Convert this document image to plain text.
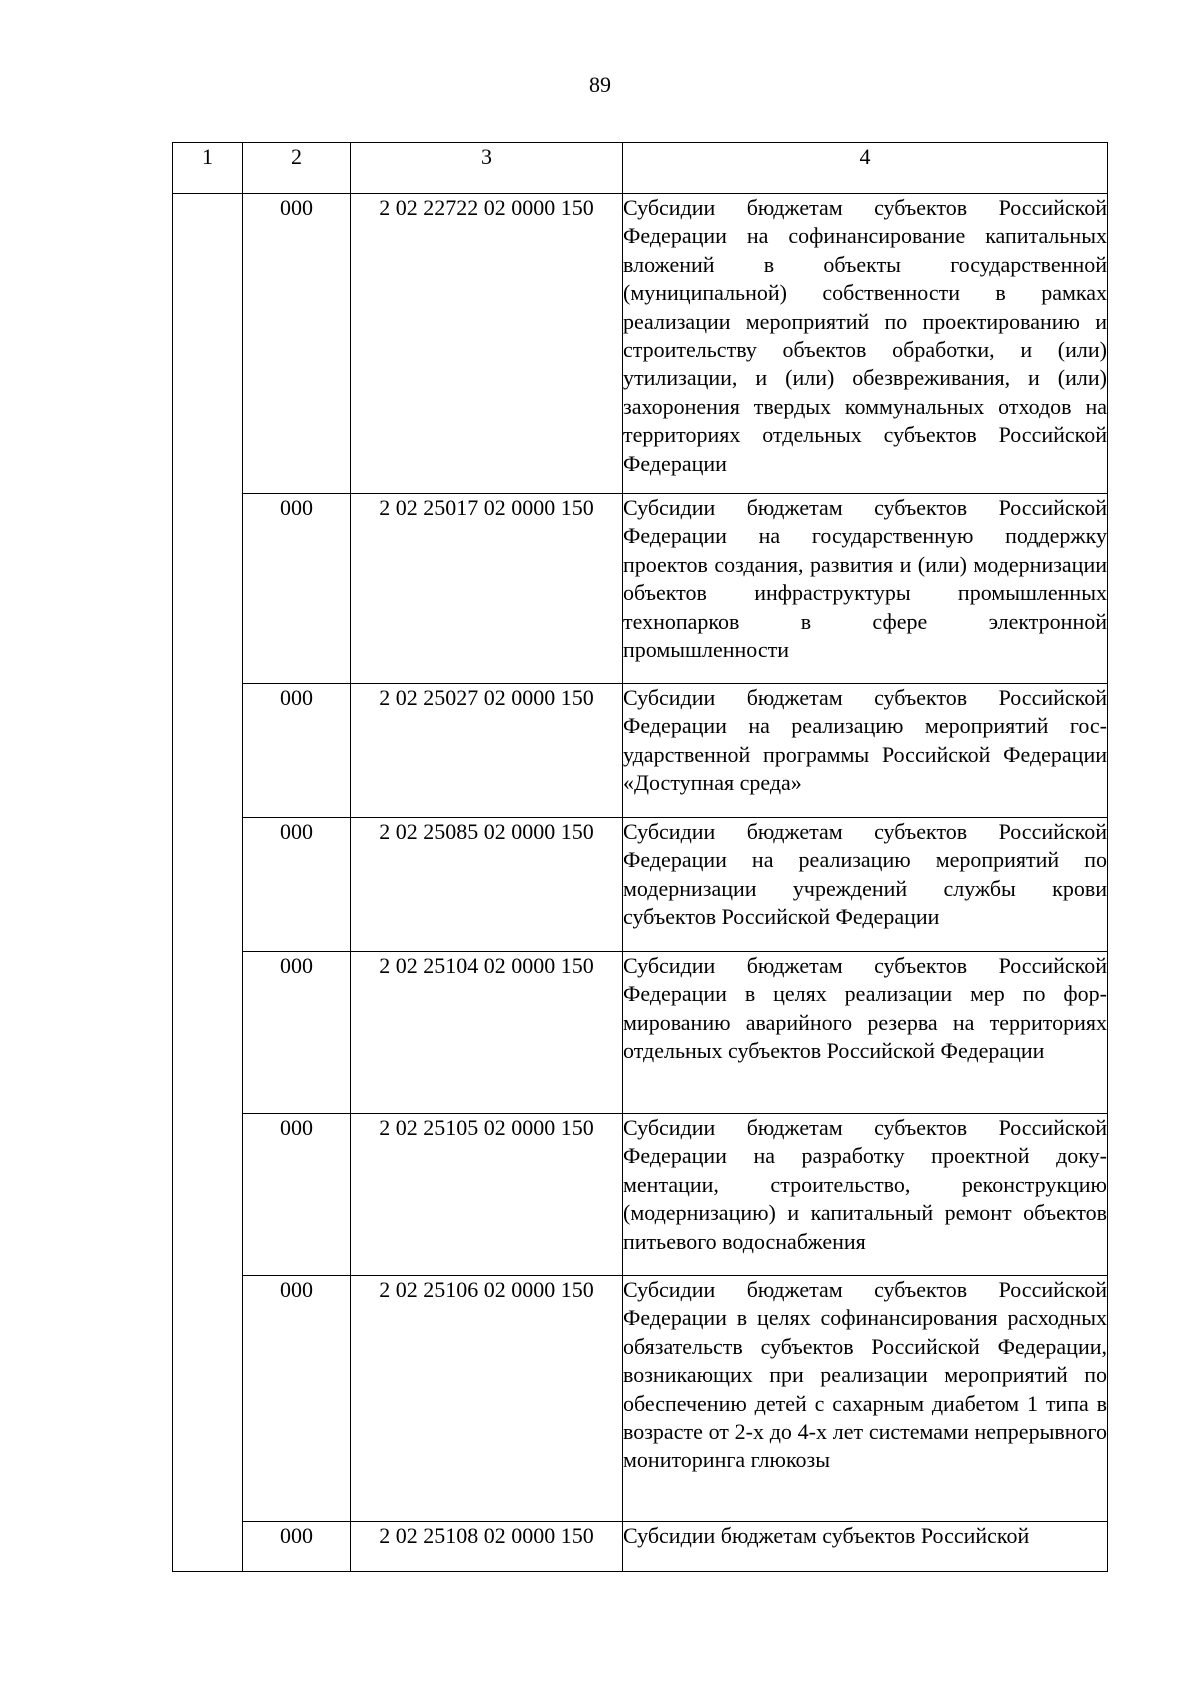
89
1	2	3	4
	000	2 02 22722 02 0000 150	Субсидии бюджетам субъектов Российской Федерации на софинансирование капитальных вложений в объекты государственной (муниципальной) собственности в рамках реализации мероприятий по проектированию и строительству объектов обработки, и (или) утилизации, и (или) обезвреживания, и (или) захоронения твердых коммунальных отходов на территориях отдельных субъектов Российской Федерации
	000	2 02 25017 02 0000 150	Субсидии бюджетам субъектов Российской Федерации на государственную поддержку проектов создания, развития и (или) модернизации объектов инфраструктуры промышленных технопарков в сфере электронной промышленности
	000	2 02 25027 02 0000 150	Субсидии бюджетам субъектов Российской Федерации на реализацию мероприятий государственной программы Российской Федерации «Доступная среда»
	000	2 02 25085 02 0000 150	Субсидии бюджетам субъектов Российской Федерации на реализацию мероприятий по модернизации учреждений службы крови субъектов Российской Федерации
	000	2 02 25104 02 0000 150	Субсидии бюджетам субъектов Российской Федерации в целях реализации мер по формированию аварийного резерва на территориях отдельных субъектов Российской Федерации
	000	2 02 25105 02 0000 150	Субсидии бюджетам субъектов Российской Федерации на разработку проектной документации, строительство, реконструкцию (модернизацию) и капитальный ремонт объектов питьевого водоснабжения
	000	2 02 25106 02 0000 150	Субсидии бюджетам субъектов Российской Федерации в целях софинансирования расходных обязательств субъектов Российской Федерации, возникающих при реализации мероприятий по обеспечению детей с сахарным диабетом 1 типа в возрасте от 2-х до 4-х лет системами непрерывного мониторинга глюкозы
	000	2 02 25108 02 0000 150	Субсидии бюджетам субъектов Российской
